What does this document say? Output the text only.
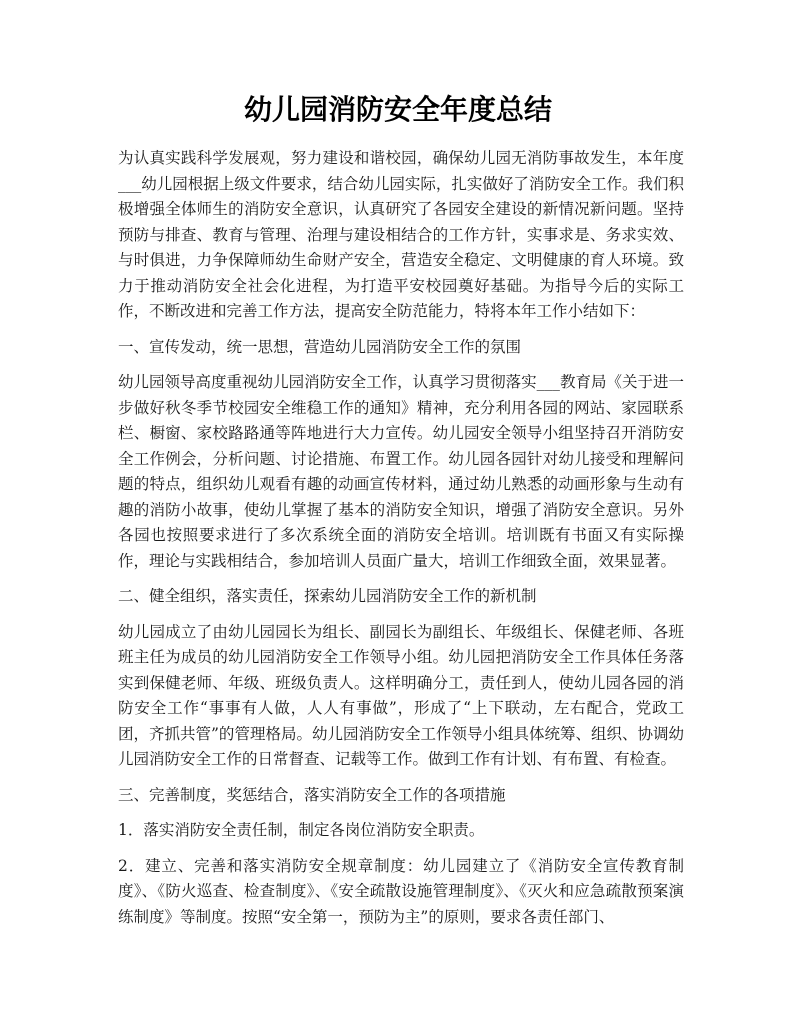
幼儿园消防安全年度总结

为认真实践科学发展观，努力建设和谐校园，确保幼儿园无消防事故发生，本年度___幼儿园根据上级文件要求，结合幼儿园实际，扎实做好了消防安全工作。我们积极增强全体师生的消防安全意识，认真研究了各园安全建设的新情况新问题。坚持预防与排查、教育与管理、治理与建设相结合的工作方针，实事求是、务求实效、与时俱进，力争保障师幼生命财产安全，营造安全稳定、文明健康的育人环境。致力于推动消防安全社会化进程，为打造平安校园奠好基础。为指导今后的实际工作，不断改进和完善工作方法，提高安全防范能力，特将本年工作小结如下：

一、宣传发动，统一思想，营造幼儿园消防安全工作的氛围

幼儿园领导高度重视幼儿园消防安全工作，认真学习贯彻落实___教育局《关于进一步做好秋冬季节校园安全维稳工作的通知》精神，充分利用各园的网站、家园联系栏、橱窗、家校路路通等阵地进行大力宣传。幼儿园安全领导小组坚持召开消防安全工作例会，分析问题、讨论措施、布置工作。幼儿园各园针对幼儿接受和理解问题的特点，组织幼儿观看有趣的动画宣传材料，通过幼儿熟悉的动画形象与生动有趣的消防小故事，使幼儿掌握了基本的消防安全知识，增强了消防安全意识。另外各园也按照要求进行了多次系统全面的消防安全培训。培训既有书面又有实际操作，理论与实践相结合，参加培训人员面广量大，培训工作细致全面，效果显著。

二、健全组织，落实责任，探索幼儿园消防安全工作的新机制

幼儿园成立了由幼儿园园长为组长、副园长为副组长、年级组长、保健老师、各班班主任为成员的幼儿园消防安全工作领导小组。幼儿园把消防安全工作具体任务落实到保健老师、年级、班级负责人。这样明确分工，责任到人，使幼儿园各园的消防安全工作“事事有人做，人人有事做”，形成了“上下联动，左右配合，党政工团，齐抓共管”的管理格局。幼儿园消防安全工作领导小组具体统筹、组织、协调幼儿园消防安全工作的日常督查、记载等工作。做到工作有计划、有布置、有检查。

三、完善制度，奖惩结合，落实消防安全工作的各项措施

1．落实消防安全责任制，制定各岗位消防安全职责。

2．建立、完善和落实消防安全规章制度：幼儿园建立了《消防安全宣传教育制度》、《防火巡查、检查制度》、《安全疏散设施管理制度》、《灭火和应急疏散预案演练制度》等制度。按照“安全第一，预防为主”的原则，要求各责任部门、
